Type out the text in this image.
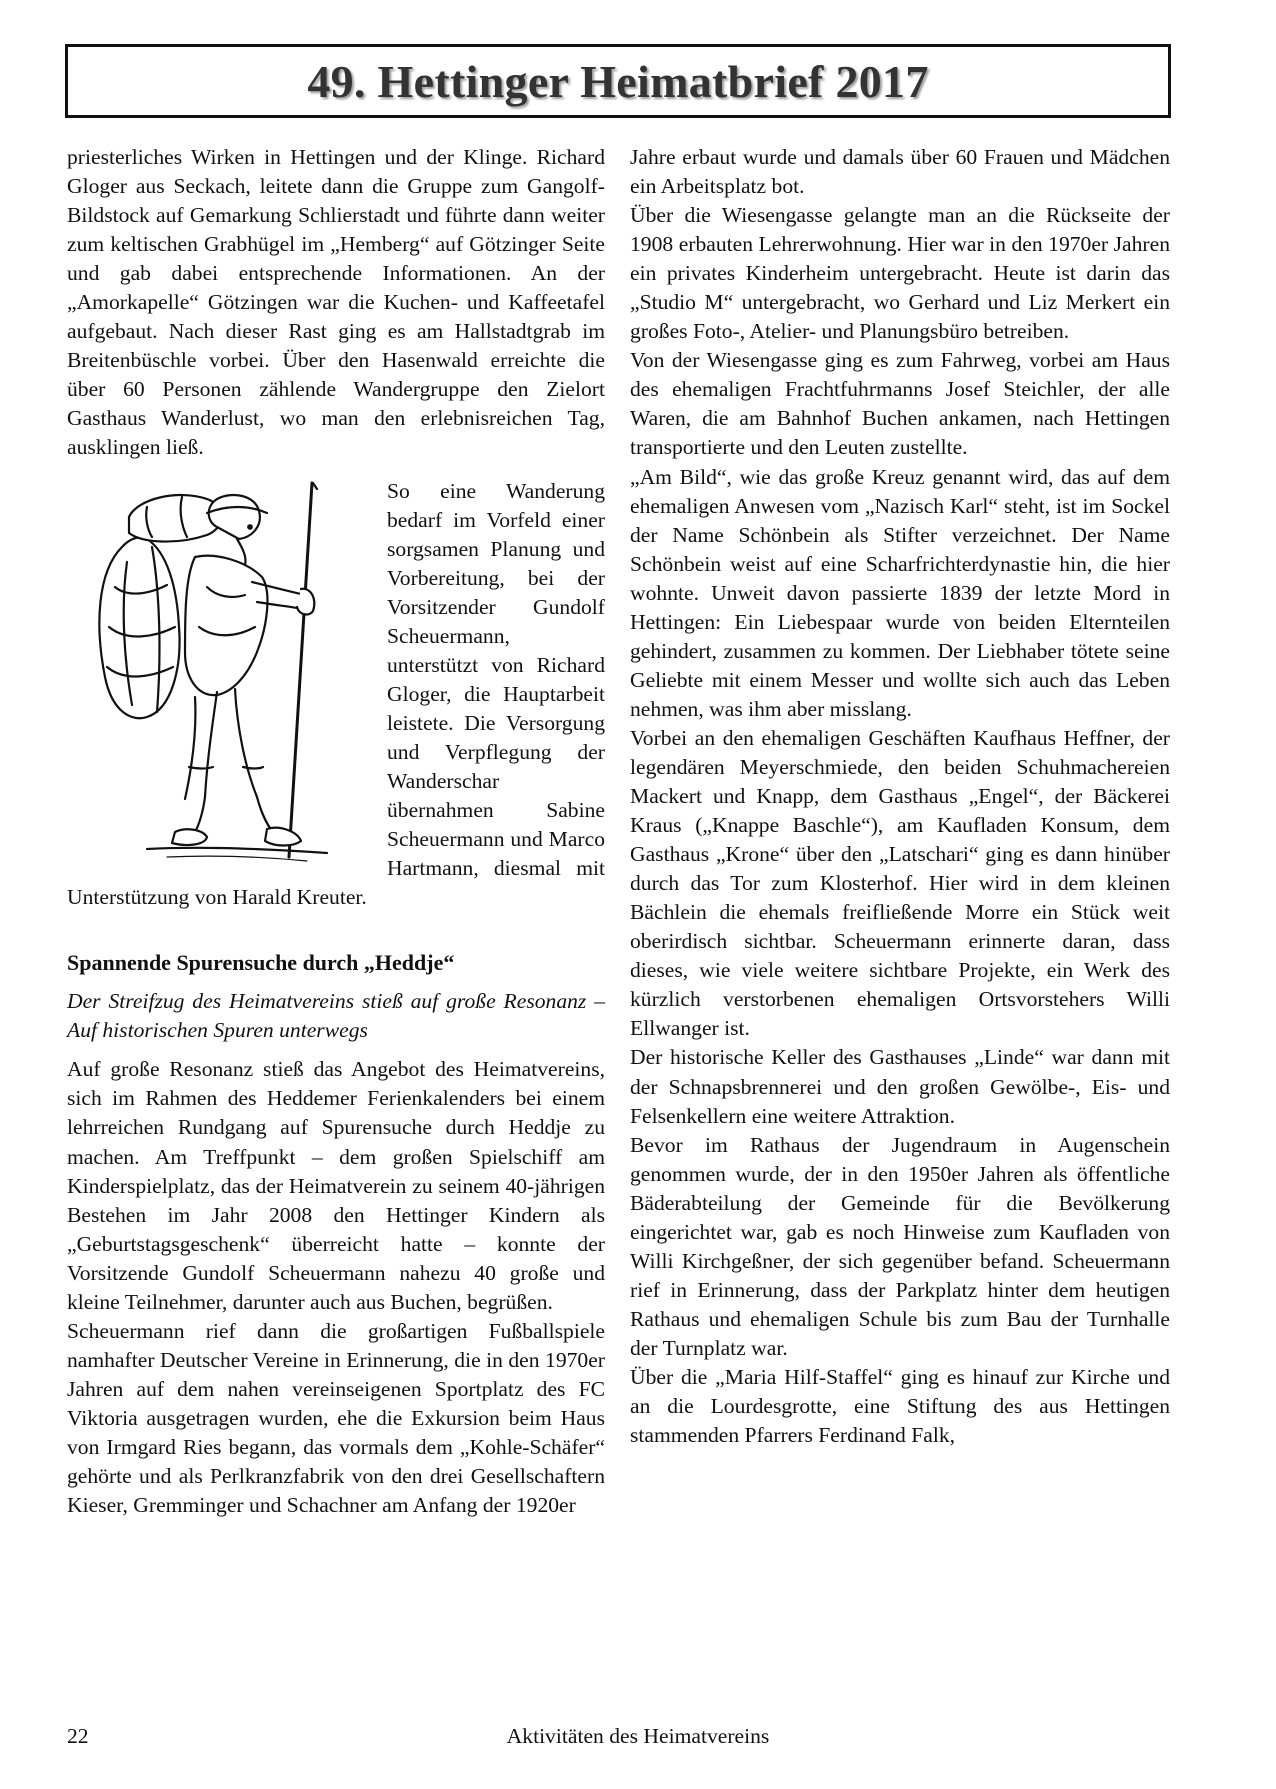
49. Hettinger Heimatbrief 2017

priesterliches Wirken in Hettingen und der Klinge. Richard Gloger aus Seckach, leitete dann die Gruppe zum Gangolf-Bildstock auf Gemarkung Schlierstadt und führte dann weiter zum keltischen Grabhügel im „Hemberg“ auf Götzinger Seite und gab dabei entsprechende Informationen. An der „Amorkapelle“ Götzingen war die Kuchen- und Kaffeetafel aufgebaut. Nach dieser Rast ging es am Hallstadtgrab im Breitenbüschle vorbei. Über den Hasenwald erreichte die über 60 Personen zählende Wandergruppe den Zielort Gasthaus Wanderlust, wo man den erlebnisreichen Tag, ausklingen ließ.

So eine Wanderung bedarf im Vorfeld einer sorgsamen Planung und Vorbereitung, bei der Vorsitzender Gundolf Scheuermann, unterstützt von Richard Gloger, die Hauptarbeit leistete. Die Versorgung und Verpflegung der Wanderschar übernahmen Sabine Scheuermann und Marco Hartmann, diesmal mit Unterstützung von Harald Kreuter.

Spannende Spurensuche durch „Heddje“

Der Streifzug des Heimatvereins stieß auf große Resonanz – Auf historischen Spuren unterwegs

Auf große Resonanz stieß das Angebot des Heimatvereins, sich im Rahmen des Heddemer Ferienkalenders bei einem lehrreichen Rundgang auf Spurensuche durch Heddje zu machen. Am Treffpunkt – dem großen Spielschiff am Kinderspielplatz, das der Heimatverein zu seinem 40-jährigen Bestehen im Jahr 2008 den Hettinger Kindern als „Geburtstagsgeschenk“ überreicht hatte – konnte der Vorsitzende Gundolf Scheuermann nahezu 40 große und kleine Teilnehmer, darunter auch aus Buchen, begrüßen.

Scheuermann rief dann die großartigen Fußballspiele namhafter Deutscher Vereine in Erinnerung, die in den 1970er Jahren auf dem nahen vereinseigenen Sportplatz des FC Viktoria ausgetragen wurden, ehe die Exkursion beim Haus von Irmgard Ries begann, das vormals dem „Kohle-Schäfer“ gehörte und als Perlkranzfabrik von den drei Gesellschaftern Kieser, Gremminger und Schachner am Anfang der 1920er

Jahre erbaut wurde und damals über 60 Frauen und Mädchen ein Arbeitsplatz bot.

Über die Wiesengasse gelangte man an die Rückseite der 1908 erbauten Lehrerwohnung. Hier war in den 1970er Jahren ein privates Kinderheim untergebracht. Heute ist darin das „Studio M“ untergebracht, wo Gerhard und Liz Merkert ein großes Foto-, Atelier- und Planungsbüro betreiben.

Von der Wiesengasse ging es zum Fahrweg, vorbei am Haus des ehemaligen Frachtfuhrmanns Josef Steichler, der alle Waren, die am Bahnhof Buchen ankamen, nach Hettingen transportierte und den Leuten zustellte.

„Am Bild“, wie das große Kreuz genannt wird, das auf dem ehemaligen Anwesen vom „Nazisch Karl“ steht, ist im Sockel der Name Schönbein als Stifter verzeichnet. Der Name Schönbein weist auf eine Scharfrichterdynastie hin, die hier wohnte. Unweit davon passierte 1839 der letzte Mord in Hettingen: Ein Liebespaar wurde von beiden Elternteilen gehindert, zusammen zu kommen. Der Liebhaber tötete seine Geliebte mit einem Messer und wollte sich auch das Leben nehmen, was ihm aber misslang.

Vorbei an den ehemaligen Geschäften Kaufhaus Heffner, der legendären Meyerschmiede, den beiden Schuhmachereien Mackert und Knapp, dem Gasthaus „Engel“, der Bäckerei Kraus („Knappe Baschle“), am Kaufladen Konsum, dem Gasthaus „Krone“ über den „Latschari“ ging es dann hinüber durch das Tor zum Klosterhof. Hier wird in dem kleinen Bächlein die ehemals freifließende Morre ein Stück weit oberirdisch sichtbar. Scheuermann erinnerte daran, dass dieses, wie viele weitere sichtbare Projekte, ein Werk des kürzlich verstorbenen ehemaligen Ortsvorstehers Willi Ellwanger ist.

Der historische Keller des Gasthauses „Linde“ war dann mit der Schnapsbrennerei und den großen Gewölbe-, Eis- und Felsenkellern eine weitere Attraktion.

Bevor im Rathaus der Jugendraum in Augenschein genommen wurde, der in den 1950er Jahren als öffentliche Bäderabteilung der Gemeinde für die Bevölkerung eingerichtet war, gab es noch Hinweise zum Kaufladen von Willi Kirchgeßner, der sich gegenüber befand. Scheuermann rief in Erinnerung, dass der Parkplatz hinter dem heutigen Rathaus und ehemaligen Schule bis zum Bau der Turnhalle der Turnplatz war.

Über die „Maria Hilf-Staffel“ ging es hinauf zur Kirche und an die Lourdesgrotte, eine Stiftung des aus Hettingen stammenden Pfarrers Ferdinand Falk,

22	Aktivitäten des Heimatvereins
